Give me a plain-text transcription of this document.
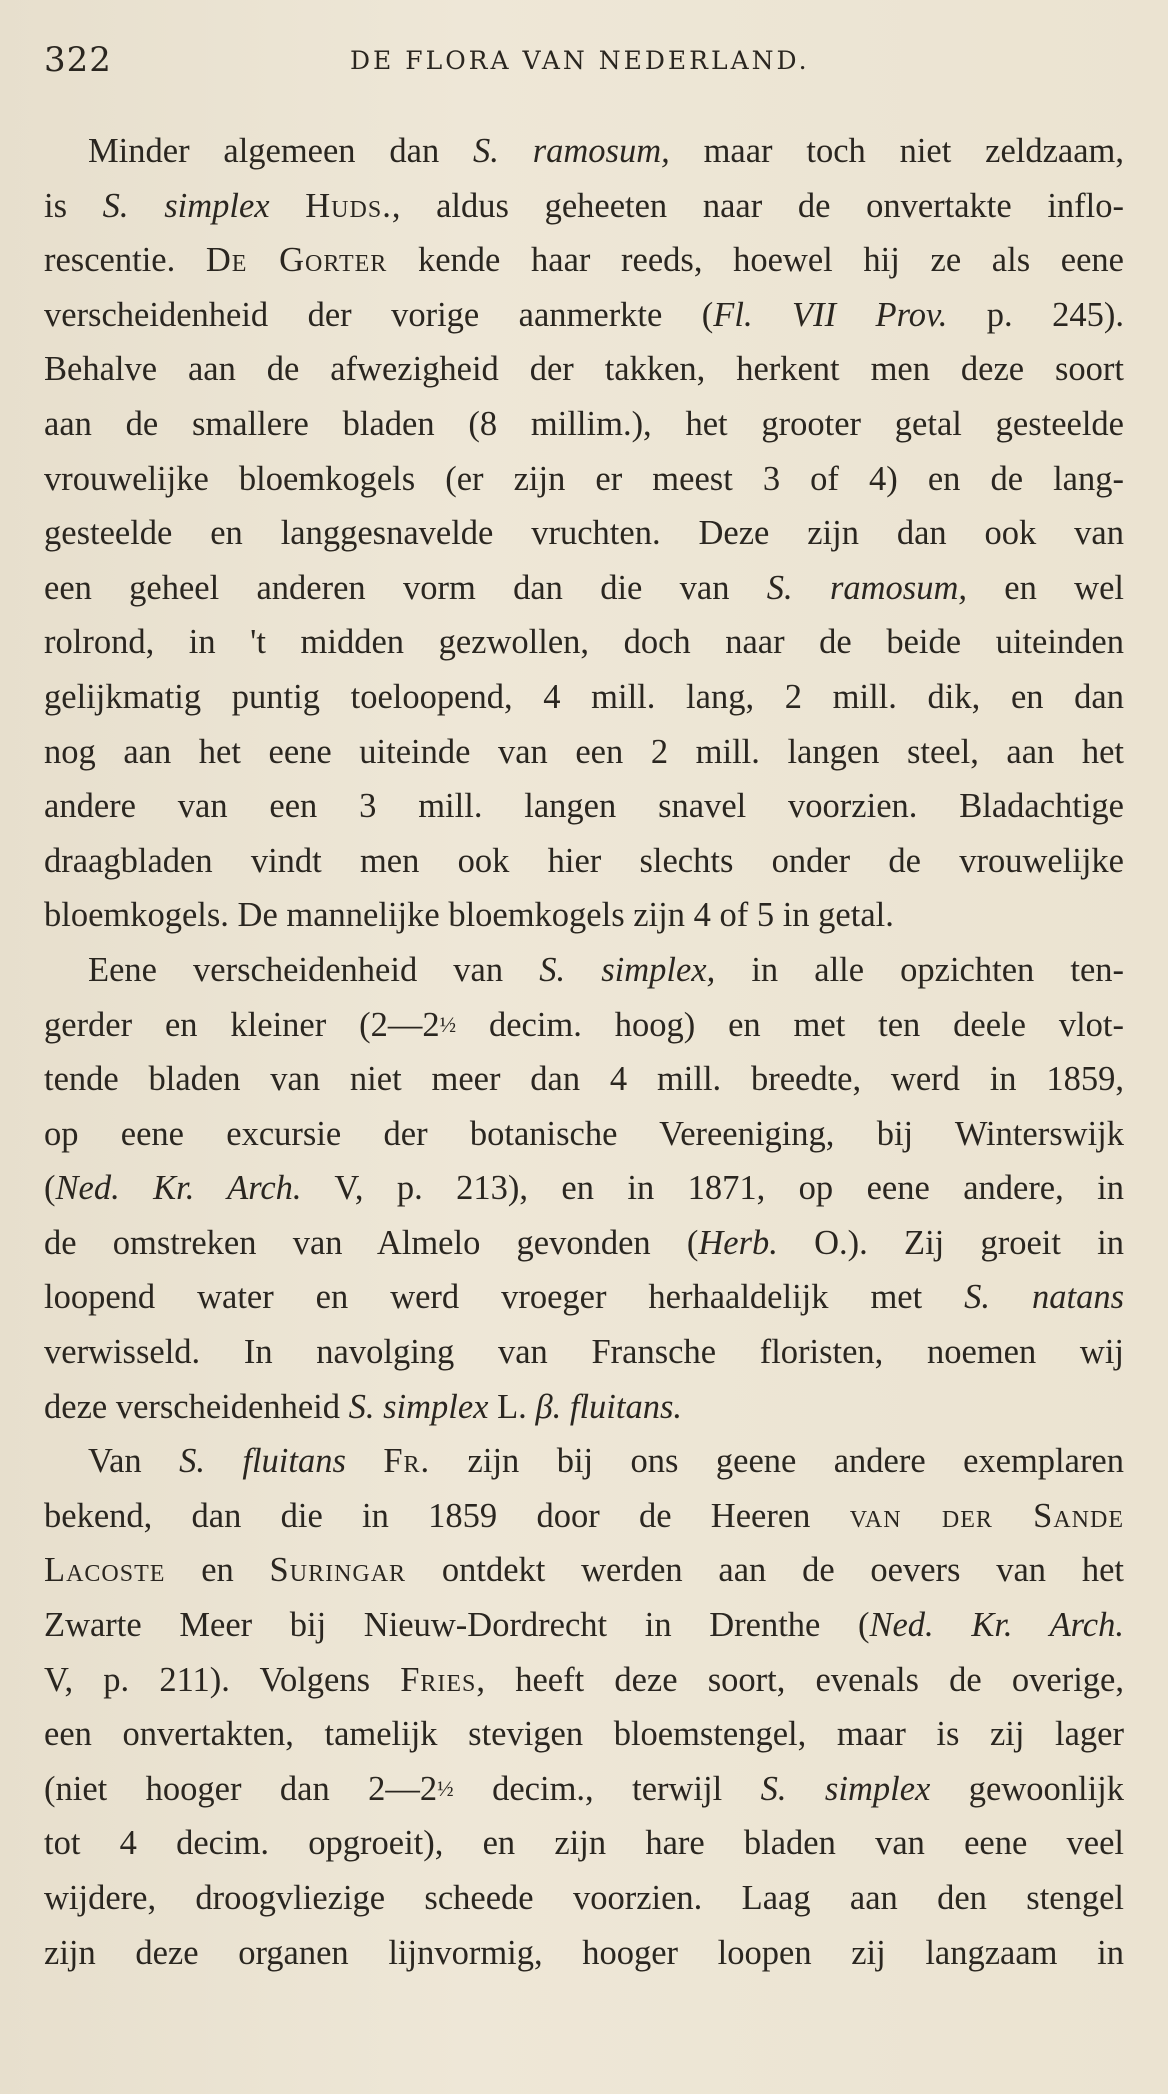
322	DE FLORA VAN NEDERLAND.
Minder algemeen dan S. ramosum, maar toch niet zeldzaam,
is S. simplex Huds., aldus geheeten naar de onvertakte inflo-
rescentie. De Gorter kende haar reeds, hoewel hij ze als eene
verscheidenheid der vorige aanmerkte (Fl. VII Prov. p. 245).
Behalve aan de afwezigheid der takken, herkent men deze soort
aan de smallere bladen (8 millim.), het grooter getal gesteelde
vrouwelijke bloemkogels (er zijn er meest 3 of 4) en de lang-
gesteelde en langgesnavelde vruchten. Deze zijn dan ook van
een geheel anderen vorm dan die van S. ramosum, en wel
rolrond, in 't midden gezwollen, doch naar de beide uiteinden
gelijkmatig puntig toeloopend, 4 mill. lang, 2 mill. dik, en dan
nog aan het eene uiteinde van een 2 mill. langen steel, aan het
andere van een 3 mill. langen snavel voorzien. Bladachtige
draagbladen vindt men ook hier slechts onder de vrouwelijke
bloemkogels. De mannelijke bloemkogels zijn 4 of 5 in getal.
Eene verscheidenheid van S. simplex, in alle opzichten ten-
gerder en kleiner (2—2½ decim. hoog) en met ten deele vlot-
tende bladen van niet meer dan 4 mill. breedte, werd in 1859,
op eene excursie der botanische Vereeniging, bij Winterswijk
(Ned. Kr. Arch. V, p. 213), en in 1871, op eene andere, in
de omstreken van Almelo gevonden (Herb. O.). Zij groeit in
loopend water en werd vroeger herhaaldelijk met S. natans
verwisseld. In navolging van Fransche floristen, noemen wij
deze verscheidenheid S. simplex L. β. fluitans.
Van S. fluitans Fr. zijn bij ons geene andere exemplaren
bekend, dan die in 1859 door de Heeren van der Sande
Lacoste en Suringar ontdekt werden aan de oevers van het
Zwarte Meer bij Nieuw-Dordrecht in Drenthe (Ned. Kr. Arch.
V, p. 211). Volgens Fries, heeft deze soort, evenals de overige,
een onvertakten, tamelijk stevigen bloemstengel, maar is zij lager
(niet hooger dan 2—2½ decim., terwijl S. simplex gewoonlijk
tot 4 decim. opgroeit), en zijn hare bladen van eene veel
wijdere, droogvliezige scheede voorzien. Laag aan den stengel
zijn deze organen lijnvormig, hooger loopen zij langzaam in
